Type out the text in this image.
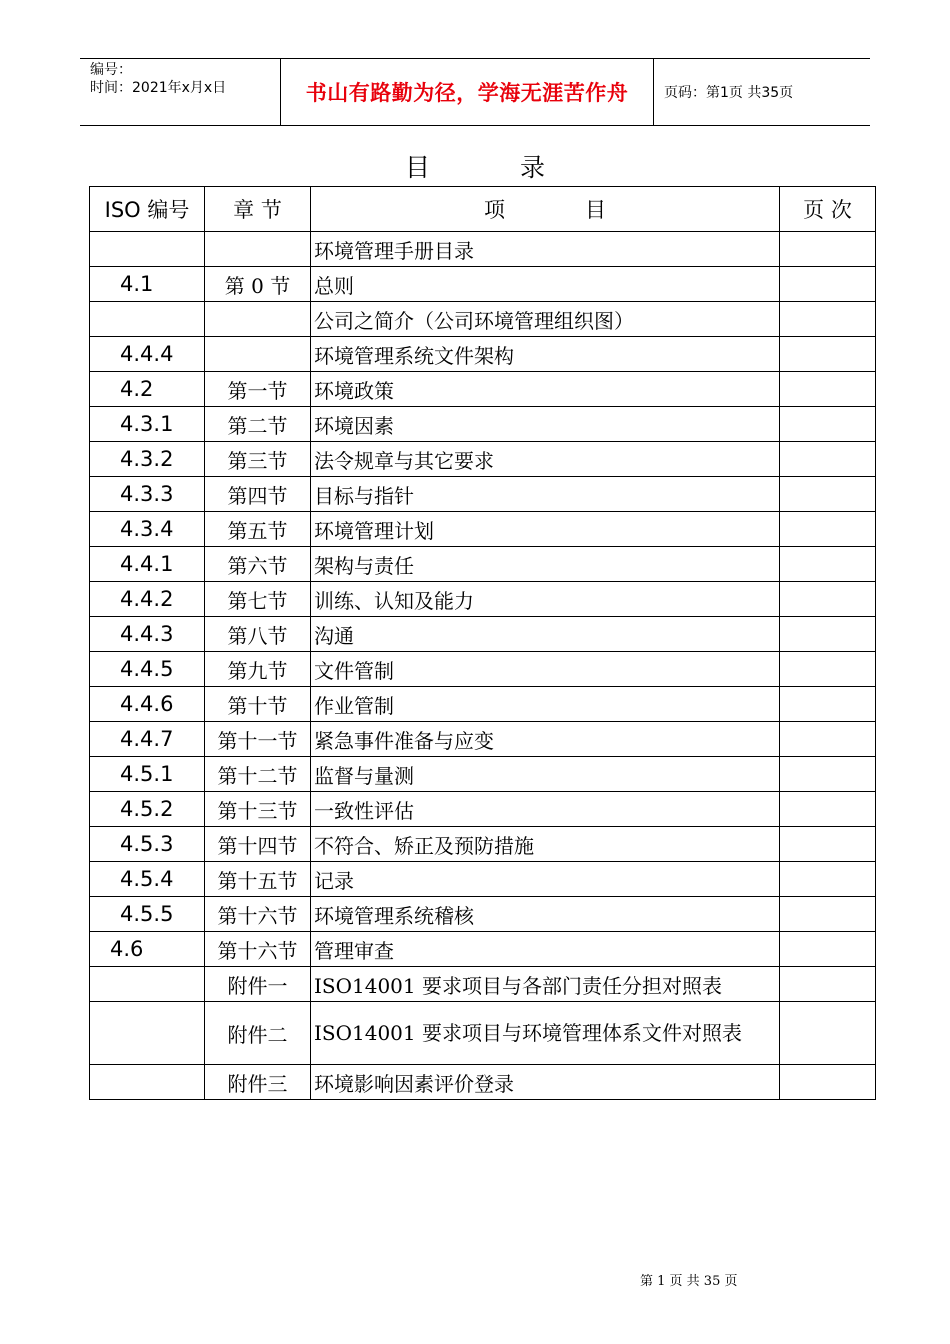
编号：
时间：2021年x月x日	书山有路勤为径，学海无涯苦作舟	页码：第1页 共35页
目	录
ISO 编号	章 节	项            目	页 次
		环境管理手册目录	
4.1	第 0 节	总则	
		公司之简介（公司环境管理组织图）	
4.4.4		环境管理系统文件架构	
4.2	第一节	环境政策	
4.3.1	第二节	环境因素	
4.3.2	第三节	法令规章与其它要求	
4.3.3	第四节	目标与指针	
4.3.4	第五节	环境管理计划	
4.4.1	第六节	架构与责任	
4.4.2	第七节	训练、认知及能力	
4.4.3	第八节	沟通	
4.4.5	第九节	文件管制	
4.4.6	第十节	作业管制	
4.4.7	第十一节	紧急事件准备与应变	
4.5.1	第十二节	监督与量测	
4.5.2	第十三节	一致性评估	
4.5.3	第十四节	不符合、矫正及预防措施	
4.5.4	第十五节	记录	
4.5.5	第十六节	环境管理系统稽核	
4.6	第十六节	管理审查	
	附件一	ISO14001 要求项目与各部门责任分担对照表	
	附件二	ISO14001 要求项目与环境管理体系文件对照表	
	附件三	环境影响因素评价登录	
第 1 页 共 35 页
